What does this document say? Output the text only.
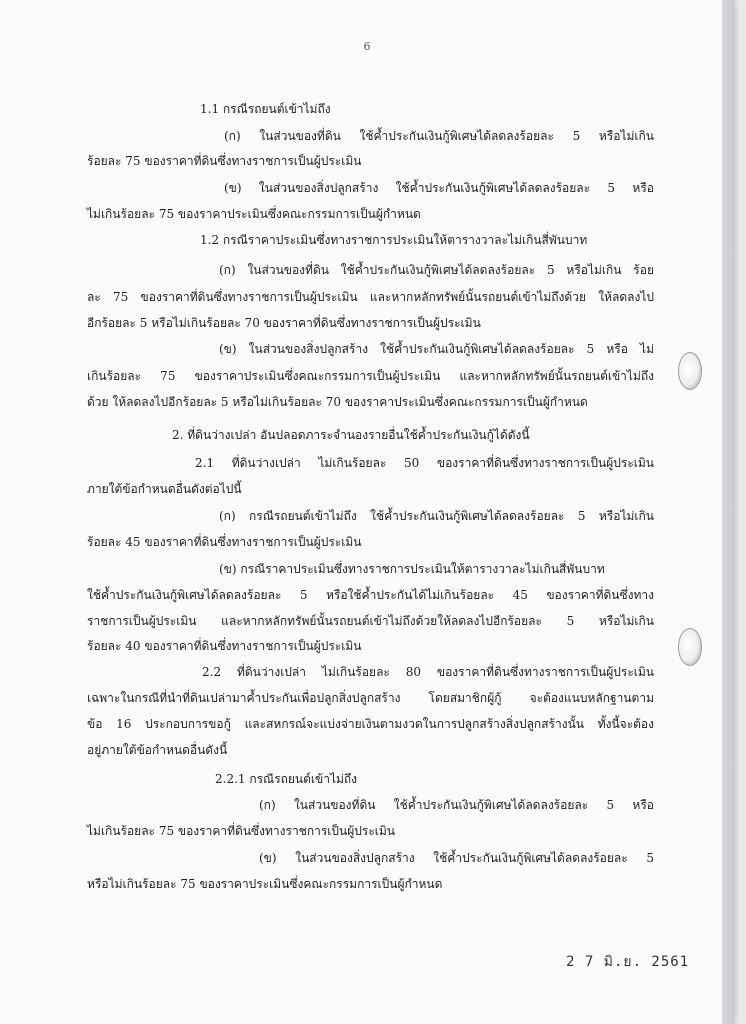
6
1.1 กรณีรถยนต์เข้าไม่ถึง
(ก) ในส่วนของที่ดิน ใช้ค้ำประกันเงินกู้พิเศษได้ลดลงร้อยละ 5 หรือไม่เกิน
ร้อยละ 75 ของราคาที่ดินซึ่งทางราชการเป็นผู้ประเมิน
(ข) ในส่วนของสิ่งปลูกสร้าง ใช้ค้ำประกันเงินกู้พิเศษได้ลดลงร้อยละ 5 หรือ
ไม่เกินร้อยละ 75 ของราคาประเมินซึ่งคณะกรรมการเป็นผู้กำหนด
1.2 กรณีราคาประเมินซึ่งทางราชการประเมินให้ตารางวาละไม่เกินสี่พันบาท
(ก) ในส่วนของที่ดิน ใช้ค้ำประกันเงินกู้พิเศษได้ลดลงร้อยละ 5 หรือไม่เกิน ร้อย
ละ 75 ของราคาที่ดินซึ่งทางราชการเป็นผู้ประเมิน และหากหลักทรัพย์นั้นรถยนต์เข้าไม่ถึงด้วย ให้ลดลงไป
อีกร้อยละ 5 หรือไม่เกินร้อยละ 70 ของราคาที่ดินซึ่งทางราชการเป็นผู้ประเมิน
(ข) ในส่วนของสิ่งปลูกสร้าง ใช้ค้ำประกันเงินกู้พิเศษได้ลดลงร้อยละ 5 หรือ ไม่
เกินร้อยละ 75 ของราคาประเมินซึ่งคณะกรรมการเป็นผู้ประเมิน และหากหลักทรัพย์นั้นรถยนต์เข้าไม่ถึง
ด้วย ให้ลดลงไปอีกร้อยละ 5 หรือไม่เกินร้อยละ 70 ของราคาประเมินซึ่งคณะกรรมการเป็นผู้กำหนด
2. ที่ดินว่างเปล่า อันปลอดภาระจำนองรายอื่นใช้ค้ำประกันเงินกู้ได้ดังนี้
2.1 ที่ดินว่างเปล่า ไม่เกินร้อยละ 50 ของราคาที่ดินซึ่งทางราชการเป็นผู้ประเมิน
ภายใต้ข้อกำหนดอื่นดังต่อไปนี้
(ก) กรณีรถยนต์เข้าไม่ถึง ใช้ค้ำประกันเงินกู้พิเศษได้ลดลงร้อยละ 5 หรือไม่เกิน
ร้อยละ 45 ของราคาที่ดินซึ่งทางราชการเป็นผู้ประเมิน
(ข) กรณีราคาประเมินซึ่งทางราชการประเมินให้ตารางวาละไม่เกินสี่พันบาท
ใช้ค้ำประกันเงินกู้พิเศษได้ลดลงร้อยละ 5 หรือใช้ค้ำประกันได้ไม่เกินร้อยละ 45 ของราคาที่ดินซึ่งทาง
ราชการเป็นผู้ประเมิน และหากหลักทรัพย์นั้นรถยนต์เข้าไม่ถึงด้วยให้ลดลงไปอีกร้อยละ 5 หรือไม่เกิน
ร้อยละ 40 ของราคาที่ดินซึ่งทางราชการเป็นผู้ประเมิน
2.2 ที่ดินว่างเปล่า ไม่เกินร้อยละ 80 ของราคาที่ดินซึ่งทางราชการเป็นผู้ประเมิน
เฉพาะในกรณีที่นำที่ดินเปล่ามาค้ำประกันเพื่อปลูกสิ่งปลูกสร้าง โดยสมาชิกผู้กู้ จะต้องแนบหลักฐานตาม
ข้อ 16 ประกอบการขอกู้ และสหกรณ์จะแบ่งจ่ายเงินตามงวดในการปลูกสร้างสิ่งปลูกสร้างนั้น ทั้งนี้จะต้อง
อยู่ภายใต้ข้อกำหนดอื่นดังนี้
2.2.1 กรณีรถยนต์เข้าไม่ถึง
(ก) ในส่วนของที่ดิน ใช้ค้ำประกันเงินกู้พิเศษได้ลดลงร้อยละ 5 หรือ
ไม่เกินร้อยละ 75 ของราคาที่ดินซึ่งทางราชการเป็นผู้ประเมิน
(ข) ในส่วนของสิ่งปลูกสร้าง ใช้ค้ำประกันเงินกู้พิเศษได้ลดลงร้อยละ 5
หรือไม่เกินร้อยละ 75 ของราคาประเมินซึ่งคณะกรรมการเป็นผู้กำหนด
2 7 มิ.ย. 2561
